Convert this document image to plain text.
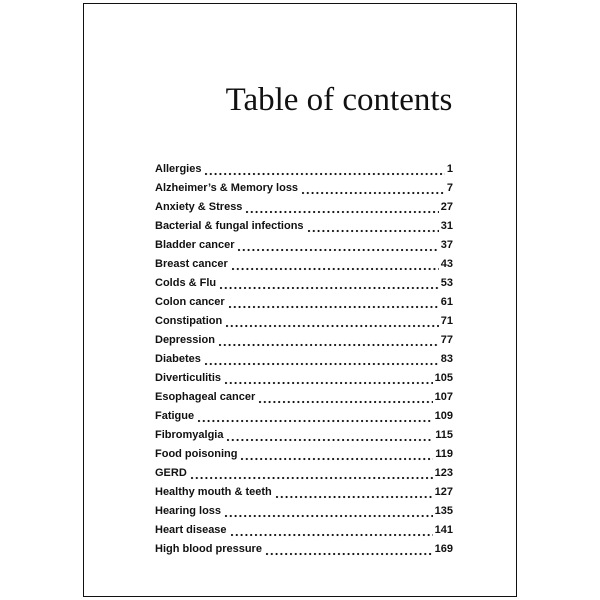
Table of contents
Allergies	1
Alzheimer’s & Memory loss	7
Anxiety & Stress	27
Bacterial & fungal infections	31
Bladder cancer	37
Breast cancer	43
Colds & Flu	53
Colon cancer	61
Constipation	71
Depression	77
Diabetes	83
Diverticulitis	105
Esophageal cancer	107
Fatigue	109
Fibromyalgia	115
Food poisoning	119
GERD	123
Healthy mouth & teeth	127
Hearing loss	135
Heart disease	141
High blood pressure	169
